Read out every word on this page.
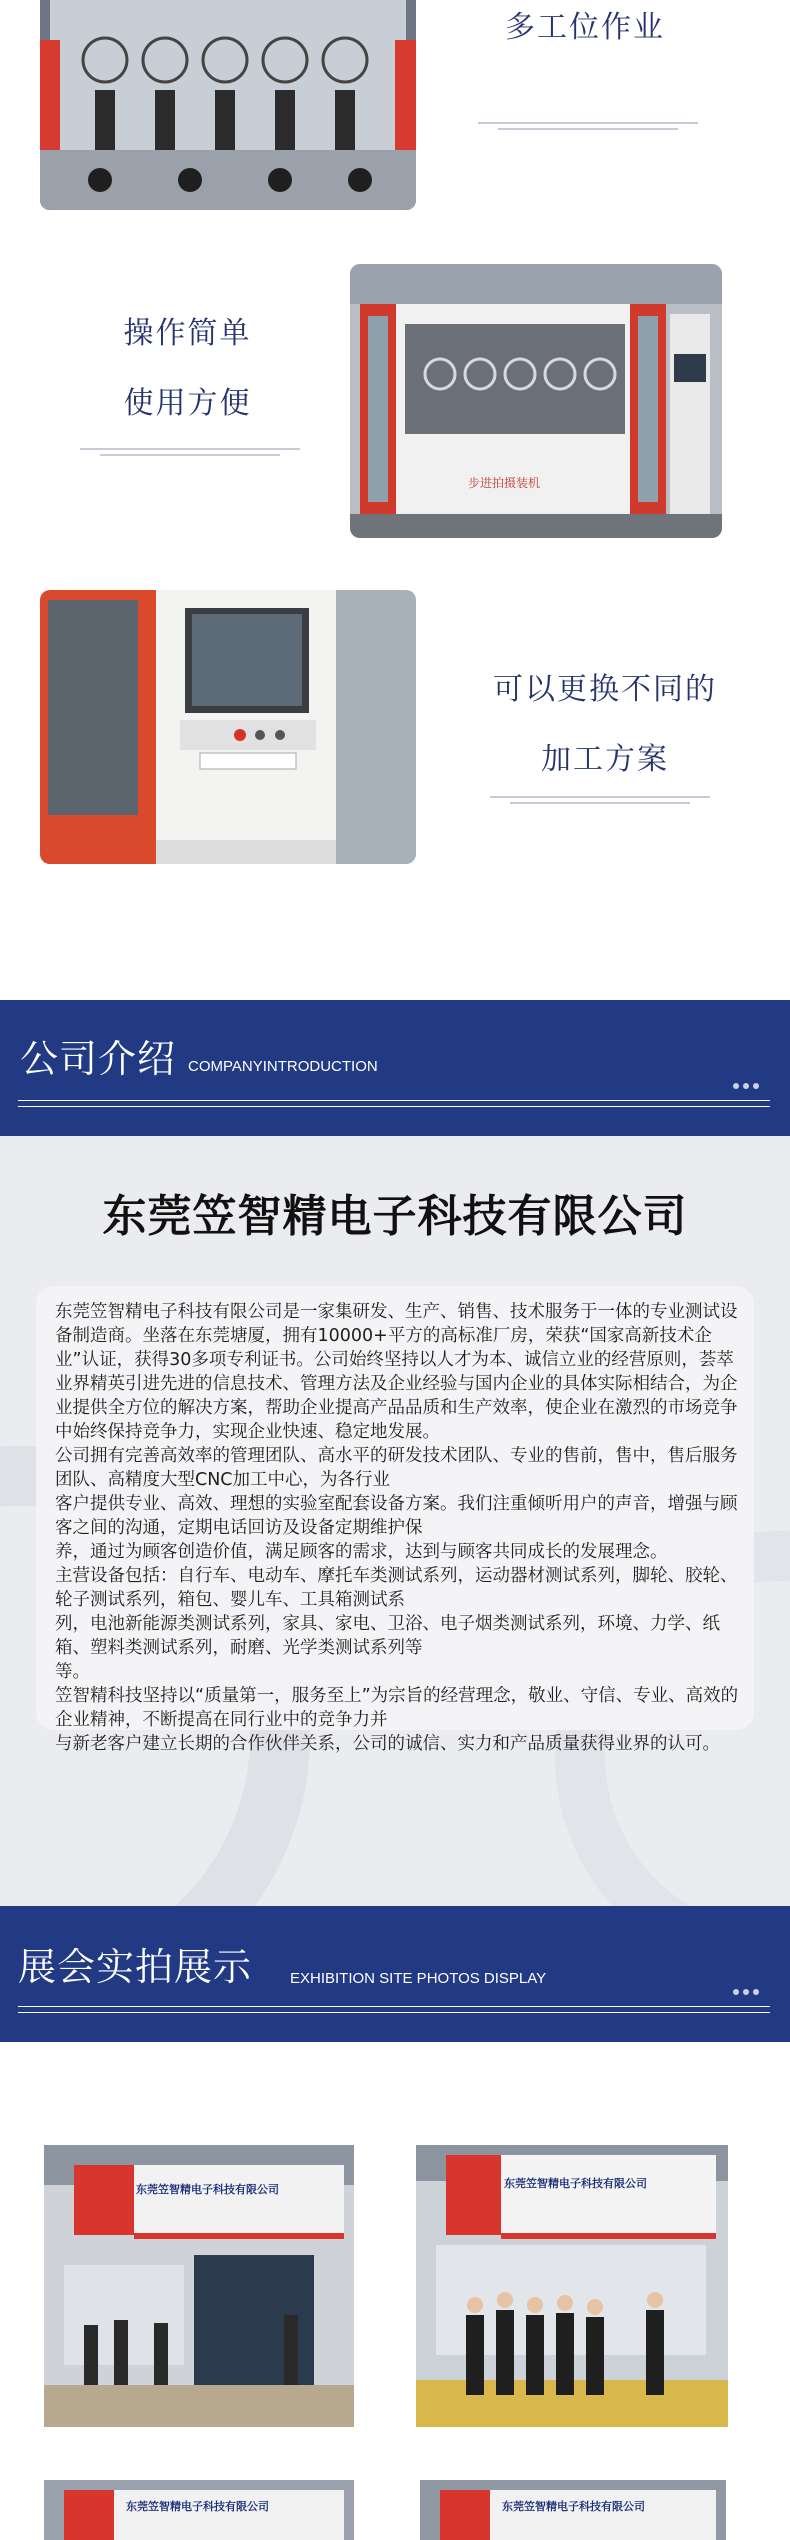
多工位作业
操作简单
使用方便
步进拍摄装机
可以更换不同的
加工方案
公司介绍 COMPANYINTRODUCTION
东莞笠智精电子科技有限公司
东莞笠智精电子科技有限公司是一家集研发、生产、销售、技术服务于一体的专业测试设备制造商。坐落在东莞塘厦，拥有10000+平方的高标准厂房，荣获“国家高新技术企业”认证，获得30多项专利证书。公司始终坚持以人才为本、诚信立业的经营原则，荟萃业界精英引进先进的信息技术、管理方法及企业经验与国内企业的具体实际相结合，为企业提供全方位的解决方案，帮助企业提高产品品质和生产效率，使企业在激烈的市场竞争中始终保持竞争力，实现企业快速、稳定地发展。
公司拥有完善高效率的管理团队、高水平的研发技术团队、专业的售前，售中，售后服务团队、高精度大型CNC加工中心，为各行业
客户提供专业、高效、理想的实验室配套设备方案。我们注重倾听用户的声音，增强与顾客之间的沟通，定期电话回访及设备定期维护保
养，通过为顾客创造价值，满足顾客的需求，达到与顾客共同成长的发展理念。
主营设备包括：自行车、电动车、摩托车类测试系列，运动器材测试系列，脚轮、胶轮、轮子测试系列，箱包、婴儿车、工具箱测试系
列，电池新能源类测试系列，家具、家电、卫浴、电子烟类测试系列，环境、力学、纸箱、塑料类测试系列，耐磨、光学类测试系列等
等。
笠智精科技坚持以“质量第一，服务至上”为宗旨的经营理念，敬业、守信、专业、高效的企业精神，不断提高在同行业中的竞争力并
与新老客户建立长期的合作伙伴关系，公司的诚信、实力和产品质量获得业界的认可。
展会实拍展示	EXHIBITION SITE PHOTOS DISPLAY
东莞笠智精电子科技有限公司	东莞笠智精电子科技有限公司
东莞笠智精电子科技有限公司	东莞笠智精电子科技有限公司
